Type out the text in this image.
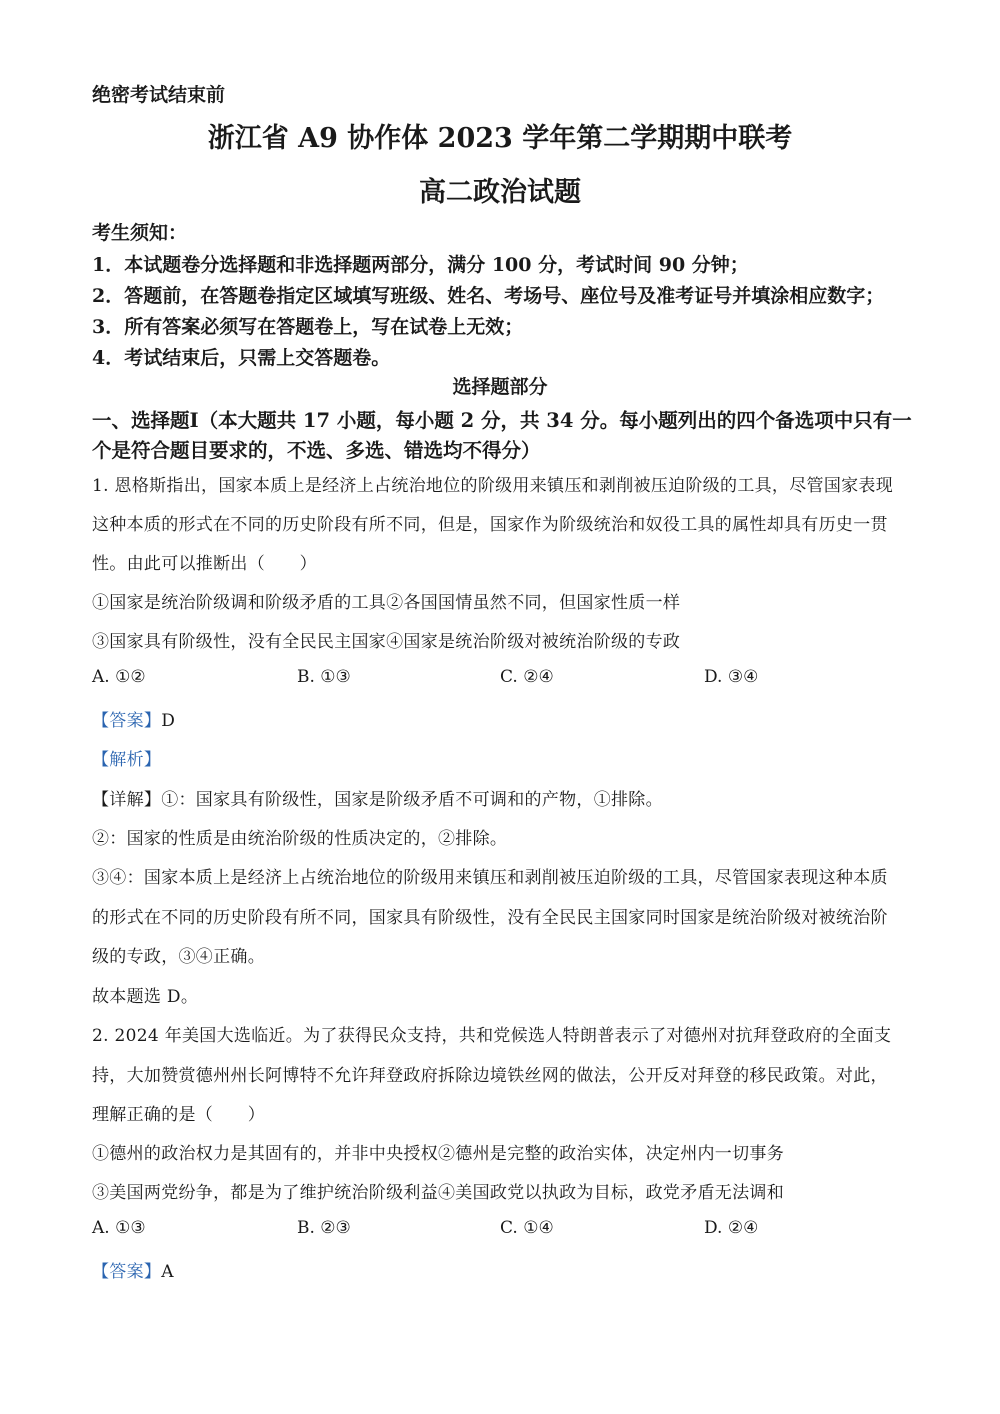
绝密考试结束前
浙江省 A9 协作体 2023 学年第二学期期中联考
高二政治试题
考生须知：
1．本试题卷分选择题和非选择题两部分，满分 100 分，考试时间 90 分钟；
2．答题前，在答题卷指定区域填写班级、姓名、考场号、座位号及准考证号并填涂相应数字；
3．所有答案必须写在答题卷上，写在试卷上无效；
4．考试结束后，只需上交答题卷。
选择题部分
一、选择题Ⅰ（本大题共 17 小题，每小题 2 分，共 34 分。每小题列出的四个备选项中只有一
个是符合题目要求的，不选、多选、错选均不得分）
1. 恩格斯指出，国家本质上是经济上占统治地位的阶级用来镇压和剥削被压迫阶级的工具，尽管国家表现
这种本质的形式在不同的历史阶段有所不同，但是，国家作为阶级统治和奴役工具的属性却具有历史一贯
性。由此可以推断出（　　）
①国家是统治阶级调和阶级矛盾的工具②各国国情虽然不同，但国家性质一样
③国家具有阶级性，没有全民民主国家④国家是统治阶级对被统治阶级的专政
A. ①②	B. ①③	C. ②④	D. ③④
【答案】D
【解析】
【详解】①：国家具有阶级性，国家是阶级矛盾不可调和的产物，①排除。
②：国家的性质是由统治阶级的性质决定的，②排除。
③④：国家本质上是经济上占统治地位的阶级用来镇压和剥削被压迫阶级的工具，尽管国家表现这种本质
的形式在不同的历史阶段有所不同，国家具有阶级性，没有全民民主国家同时国家是统治阶级对被统治阶
级的专政，③④正确。
故本题选 D。
2. 2024 年美国大选临近。为了获得民众支持，共和党候选人特朗普表示了对德州对抗拜登政府的全面支
持，大加赞赏德州州长阿博特不允许拜登政府拆除边境铁丝网的做法，公开反对拜登的移民政策。对此，
理解正确的是（　　）
①德州的政治权力是其固有的，并非中央授权②德州是完整的政治实体，决定州内一切事务
③美国两党纷争，都是为了维护统治阶级利益④美国政党以执政为目标，政党矛盾无法调和
A. ①③	B. ②③	C. ①④	D. ②④
【答案】A
